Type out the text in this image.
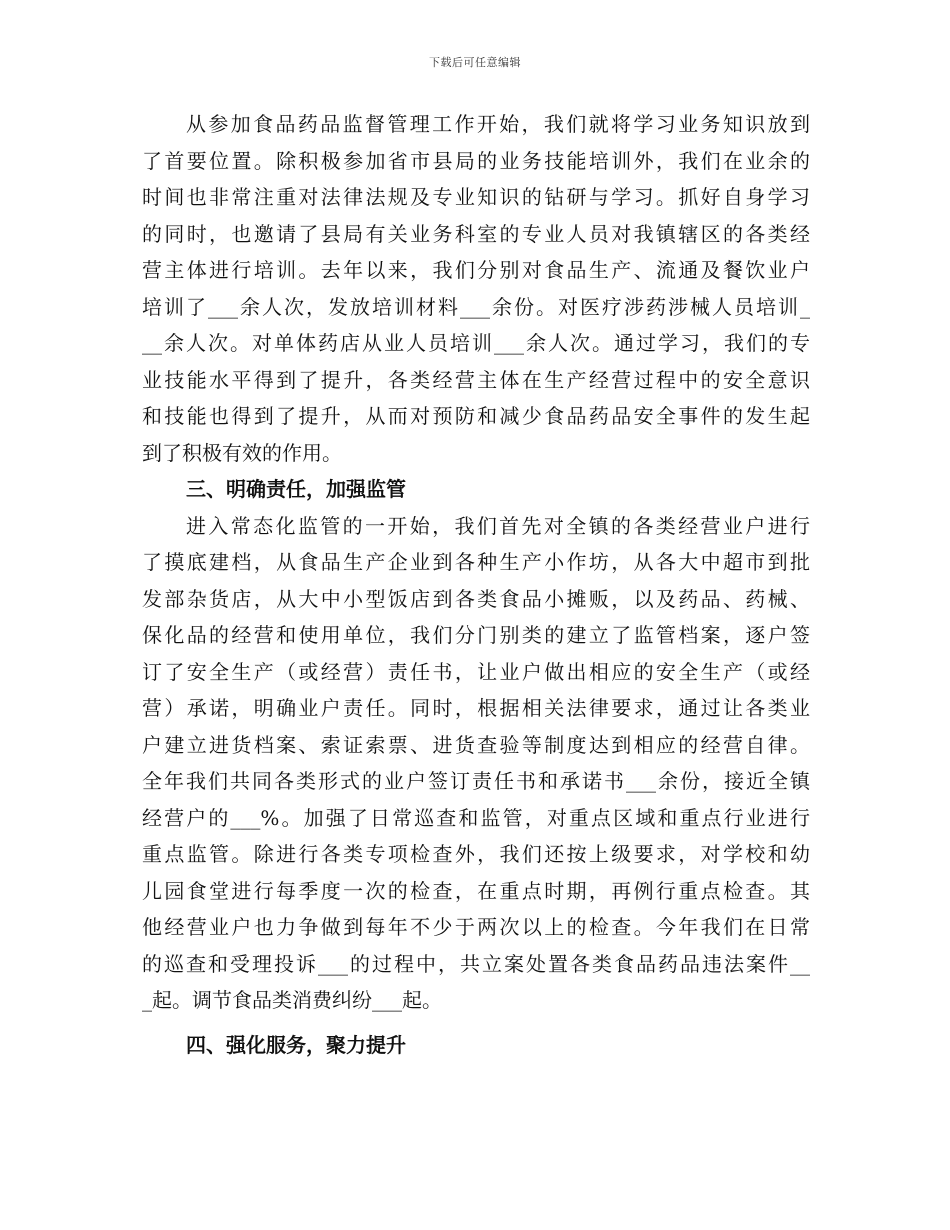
下载后可任意编辑
从参加食品药品监督管理工作开始，我们就将学习业务知识放到
了首要位置。除积极参加省市县局的业务技能培训外，我们在业余的
时间也非常注重对法律法规及专业知识的钻研与学习。抓好自身学习
的同时，也邀请了县局有关业务科室的专业人员对我镇辖区的各类经
营主体进行培训。去年以来，我们分别对食品生产、流通及餐饮业户
培训了___余人次，发放培训材料___余份。对医疗涉药涉械人员培训_
__余人次。对单体药店从业人员培训___余人次。通过学习，我们的专
业技能水平得到了提升，各类经营主体在生产经营过程中的安全意识
和技能也得到了提升，从而对预防和减少食品药品安全事件的发生起
到了积极有效的作用。
三、明确责任，加强监管
进入常态化监管的一开始，我们首先对全镇的各类经营业户进行
了摸底建档，从食品生产企业到各种生产小作坊，从各大中超市到批
发部杂货店，从大中小型饭店到各类食品小摊贩，以及药品、药械、
保化品的经营和使用单位，我们分门别类的建立了监管档案，逐户签
订了安全生产（或经营）责任书，让业户做出相应的安全生产（或经
营）承诺，明确业户责任。同时，根据相关法律要求，通过让各类业
户建立进货档案、索证索票、进货查验等制度达到相应的经营自律。
全年我们共同各类形式的业户签订责任书和承诺书___余份，接近全镇
经营户的___%。加强了日常巡查和监管，对重点区域和重点行业进行
重点监管。除进行各类专项检查外，我们还按上级要求，对学校和幼
儿园食堂进行每季度一次的检查，在重点时期，再例行重点检查。其
他经营业户也力争做到每年不少于两次以上的检查。今年我们在日常
的巡查和受理投诉___的过程中，共立案处置各类食品药品违法案件__
_起。调节食品类消费纠纷___起。
四、强化服务，聚力提升
